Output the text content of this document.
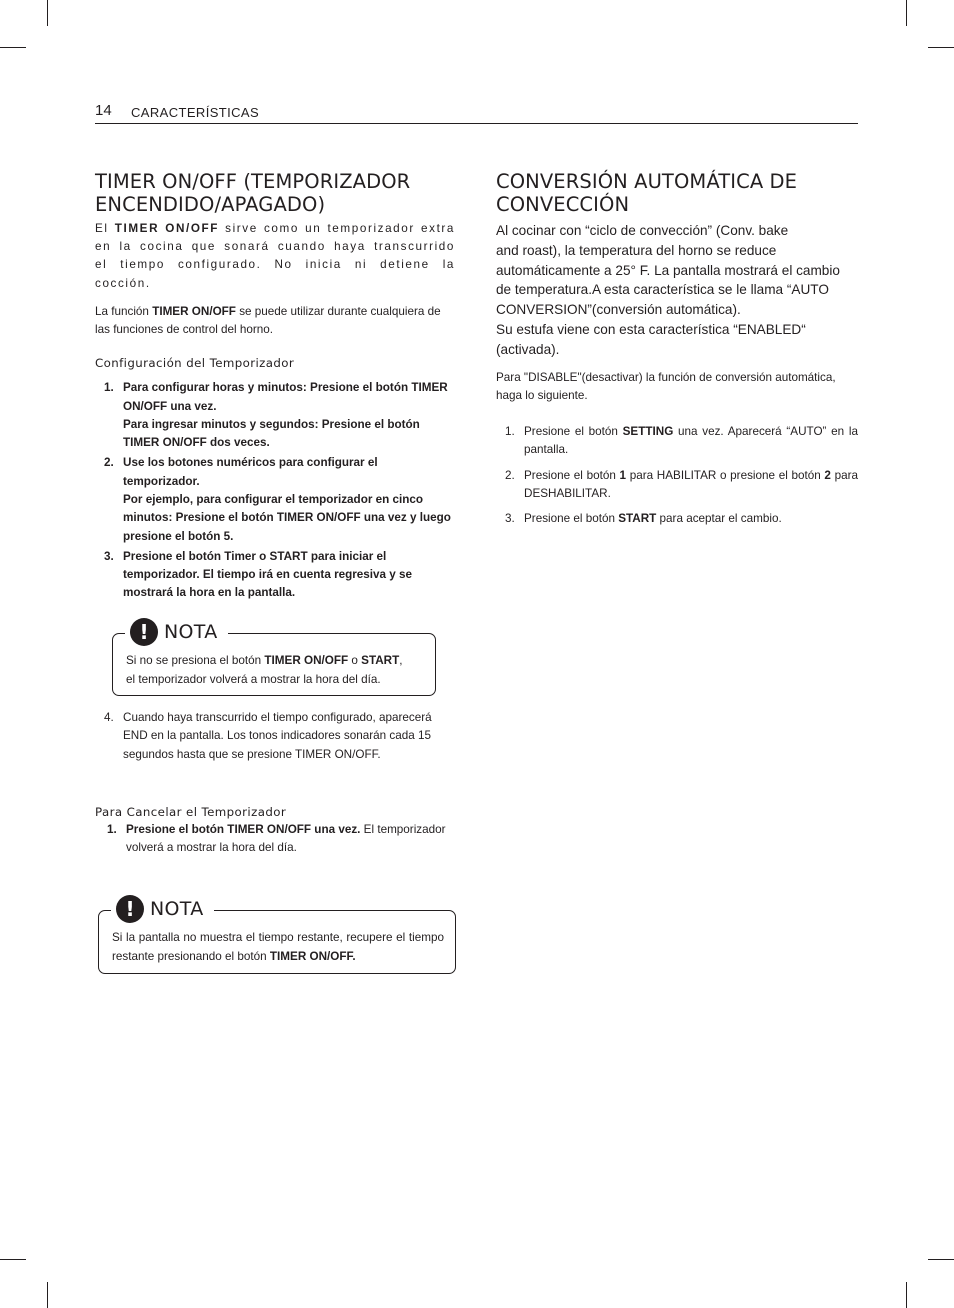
14 CARACTERÍSTICAS
TIMER ON/OFF (TEMPORIZADOR ENCENDIDO/APAGADO)

El TIMER ON/OFF sirve como un temporizador extra en la cocina que sonará cuando haya transcurrido el tiempo configurado. No inicia ni detiene la cocción.

La función TIMER ON/OFF se puede utilizar durante cualquiera de las funciones de control del horno.

Configuración del Temporizador

1. Para configurar horas y minutos: Presione el botón TIMER ON/OFF una vez.
Para ingresar minutos y segundos: Presione el botón TIMER ON/OFF dos veces.
2. Use los botones numéricos para configurar el temporizador.
Por ejemplo, para configurar el temporizador en cinco minutos: Presione el botón TIMER ON/OFF una vez y luego presione el botón 5.
3. Presione el botón Timer o START para iniciar el temporizador. El tiempo irá en cuenta regresiva y se mostrará la hora en la pantalla.
! NOTA
Si no se presiona el botón TIMER ON/OFF o START,
el temporizador volverá a mostrar la hora del día.
4. Cuando haya transcurrido el tiempo configurado, aparecerá END en la pantalla. Los tonos indicadores sonarán cada 15 segundos hasta que se presione TIMER ON/OFF.

Para Cancelar el Temporizador

1. Presione el botón TIMER ON/OFF una vez. El temporizador volverá a mostrar la hora del día.
! NOTA
Si la pantalla no muestra el tiempo restante, recupere el tiempo restante presionando el botón TIMER ON/OFF.
CONVERSIÓN AUTOMÁTICA DE CONVECCIÓN
Al cocinar con “ciclo de convección” (Conv. bake
and roast), la temperatura del horno se reduce
automáticamente a 25° F. La pantalla mostrará el cambio
de temperatura.A esta característica se le llama “AUTO
CONVERSION”(conversión automática).
Su estufa viene con esta característica “ENABLED“
(activada).

Para "DISABLE"(desactivar) la función de conversión automática, haga lo siguiente.

1. Presione el botón SETTING una vez. Aparecerá “AUTO” en la pantalla.
2. Presione el botón 1 para HABILITAR o presione el botón 2 para DESHABILITAR.
3. Presione el botón START para aceptar el cambio.
